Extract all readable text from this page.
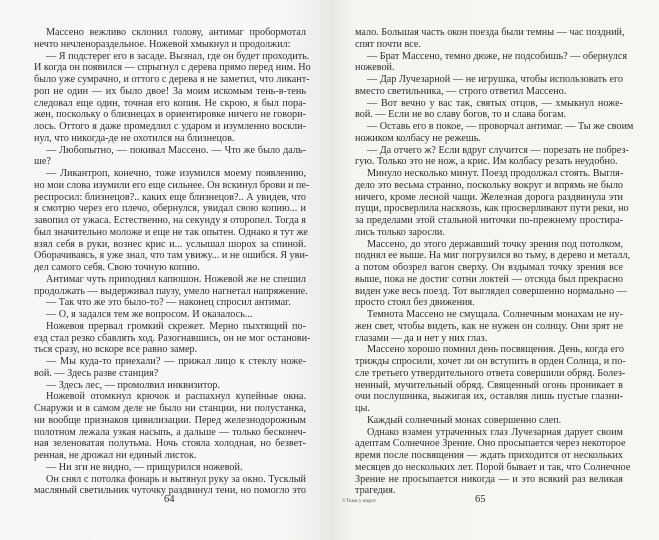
Массено вежливо склонил голову, антимаг пробормотал
нечто нечленораздельное. Ножевой хмыкнул и продолжил:
— Я подстерег его в засаде. Вызнал, где он будет проходить.
И когда он появился — спрыгнул с дерева прямо перед ним. Но
было уже сумрачно, и оттого с дерева я не заметил, что ликант-
роп не один — их было двое! За моим искомым тень-в-тень
следовал еще один, точная его копия. Не скрою, я был пора-
жен, поскольку о близнецах в ориентировке ничего не говори-
лось. Оттого я даже промедлил с ударом и изумленно воскли-
нул, что никогда-де не охотился на близнецов.
— Любопытно, — покивал Массено. — Что же было даль-
ше?
— Ликантроп, конечно, тоже изумился моему появлению,
но мои слова изумили его еще сильнее. Он вскинул брови и пе-
респросил: близнецов?.. каких еще близнецов?.. А увидев, что
я смотрю через его плечо, обернулся, увидал свою копию... и
завопил от ужаса. Естественно, на секунду я оторопел. Тогда я
был значительно моложе и еще не так опытен. Однако я тут же
взял себя в руки, вознес крис и... услышал шорох за спиной.
Оборачиваясь, я уже знал, что там увижу... и не ошибся. Я уви-
дел самого себя. Свою точную копию.
Антимаг чуть приподнял капюшон. Ножевой же не спешил
продолжать — выдерживал паузу, умело нагнетал напряжение.
— Так что же это было-то? — наконец спросил антимаг.
— О, я задался тем же вопросом. И оказалось...
Ножевоя прервал громкий скрежет. Мерно пыхтящий по-
езд стал резко сбавлять ход. Разогнавшись, он не мог останови-
ться сразу, но вскоре все равно замер.
— Мы куда-то приехали? — прижал лицо к стеклу ноже-
вой. — Здесь разве станция?
— Здесь лес, — промолвил инквизитор.
Ножевой отомкнул крючок и распахнул купейные окна.
Снаружи и в самом деле не было ни станции, ни полустанка,
ни вообще признаков цивилизации. Перед железнодорожным
полотном лежала узкая насыпь, а дальше — только бесконеч-
ная зеленоватая полутьма. Ночь стояла холодная, но безвет-
ренная, не дрожал ни единый листок.
— Ни зги не видно, — прищурился ножевой.
Он снял с потолка фонарь и вытянул руку за окно. Тусклый
масляный светильник чуточку раздвинул тени, но помогло это
64
мало. Большая часть окон поезда были темны — час поздний,
спят почти все.
— Брат Массено, темно дюже, не подсобишь? — обернулся
ножевой.
— Дар Лучезарной — не игрушка, чтобы использовать его
вместо светильника, — строго ответил Массено.
— Вот вечно у вас так, святых отцов, — хмыкнул ноже-
вой. — Если не во славу богов, то и слава богам.
— Оставь его в покое, — проворчал антимаг. — Ты же своим
ножиком колбасу не режешь.
— Да отчего ж? Если вдруг случится — порезать не побрез-
гую. Только это не нож, а крис. Им колбасу резать неудобно.
Минуло несколько минут. Поезд продолжал стоять. Выгля-
дело это весьма странно, поскольку вокруг и впрямь не было
ничего, кроме лесной чащи. Железная дорога раздвинула эти
пущи, просверлила насквозь, как просверливают пути реки, но
за пределами этой стальной ниточки по-прежнему простира-
лись только заросли.
Массено, до этого державший точку зрения под потолком,
поднял ее выше. На миг погрузился во тьму, в дерево и металл,
а потом обозрел вагон сверху. Он вздымал точку зрения все
выше, пока не достиг сотни локтей — отсюда был прекрасно
виден уже весь поезд. Тот выглядел совершенно нормально —
просто стоял без движения.
Темнота Массено не смущала. Солнечным монахам не ну-
жен свет, чтобы видеть, как не нужен он солнцу. Они зрят не
глазами — да и нет у них глаз.
Массено хорошо помнил день посвящения. День, когда его
трижды спросили, хочет ли он вступить в орден Солнца, и по-
сле третьего утвердительного ответа совершили обряд. Болез-
ненный, мучительный обряд. Священный огонь проникает в
очи послушника, выжигая их, оставляя лишь пустые глазни-
цы.
Каждый солнечный монах совершенно слеп.
Однако взамен утраченных глаз Лучезарная дарует своим
адептам Солнечное Зрение. Оно просыпается через некоторое
время после посвящения — ждать приходится от нескольких
месяцев до нескольких лет. Порой бывает и так, что Солнечное
Зрение не просыпается никогда — и это всякий раз великая
трагедия.
3 Тьма у ворот	65
